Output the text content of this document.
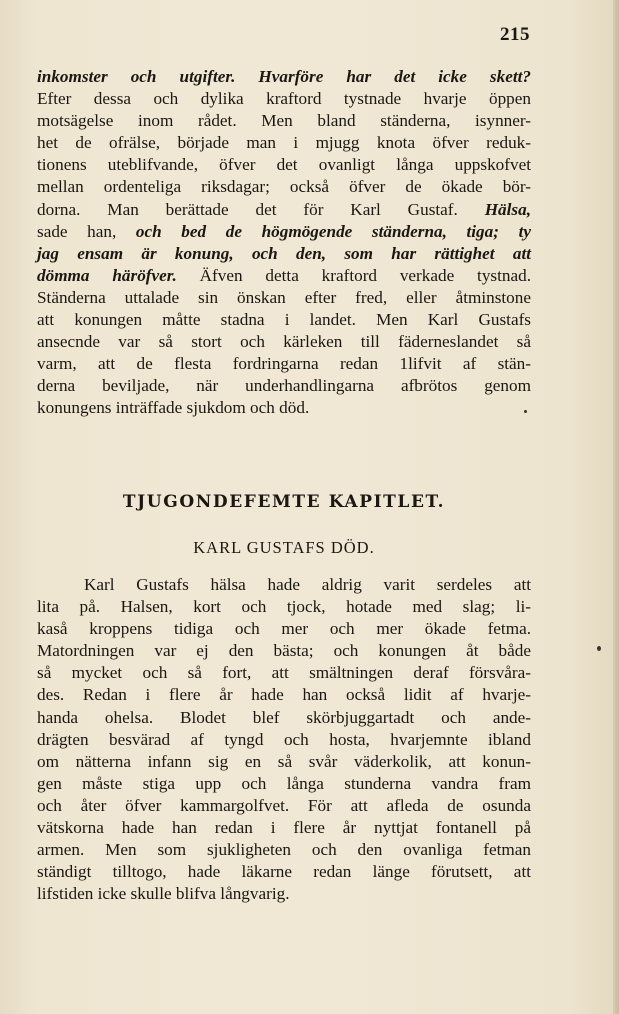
215
inkomster och utgifter. Hvarföre har det icke skett?
Efter dessa och dylika kraftord tystnade hvarje öppen
motsägelse inom rådet. Men bland ständerna, isynner-
het de ofrälse, började man i mjugg knota öfver reduk-
tionens uteblifvande, öfver det ovanligt långa uppskofvet
mellan ordenteliga riksdagar; också öfver de ökade bör-
dorna. Man berättade det för Karl Gustaf. Hälsa,
sade han, och bed de högmögende ständerna, tiga; ty
jag ensam är konung, och den, som har rättighet att
dömma häröfver. Äfven detta kraftord verkade tystnad.
Ständerna uttalade sin önskan efter fred, eller åtminstone
att konungen måtte stadna i landet. Men Karl Gustafs
ansecnde var så stort och kärleken till fäderneslandet så
varm, att de flesta fordringarna redan 1lifvit af stän-
derna beviljade, när underhandlingarna afbrötos genom
konungens inträffade sjukdom och död.
TJUGONDEFEMTE KAPITLET.
KARL GUSTAFS DÖD.
Karl Gustafs hälsa hade aldrig varit serdeles att
lita på. Halsen, kort och tjock, hotade med slag; li-
kaså kroppens tidiga och mer och mer ökade fetma.
Matordningen var ej den bästa; och konungen åt både
så mycket och så fort, att smältningen deraf försvåra-
des. Redan i flere år hade han också lidit af hvarje-
handa ohelsa. Blodet blef skörbjuggartadt och ande-
drägten besvärad af tyngd och hosta, hvarjemnte ibland
om nätterna infann sig en så svår väderkolik, att konun-
gen måste stiga upp och långa stunderna vandra fram
och åter öfver kammargolfvet. För att afleda de osunda
vätskorna hade han redan i flere år nyttjat fontanell på
armen. Men som sjukligheten och den ovanliga fetman
ständigt tilltogo, hade läkarne redan länge förutsett, att
lifstiden icke skulle blifva långvarig.
